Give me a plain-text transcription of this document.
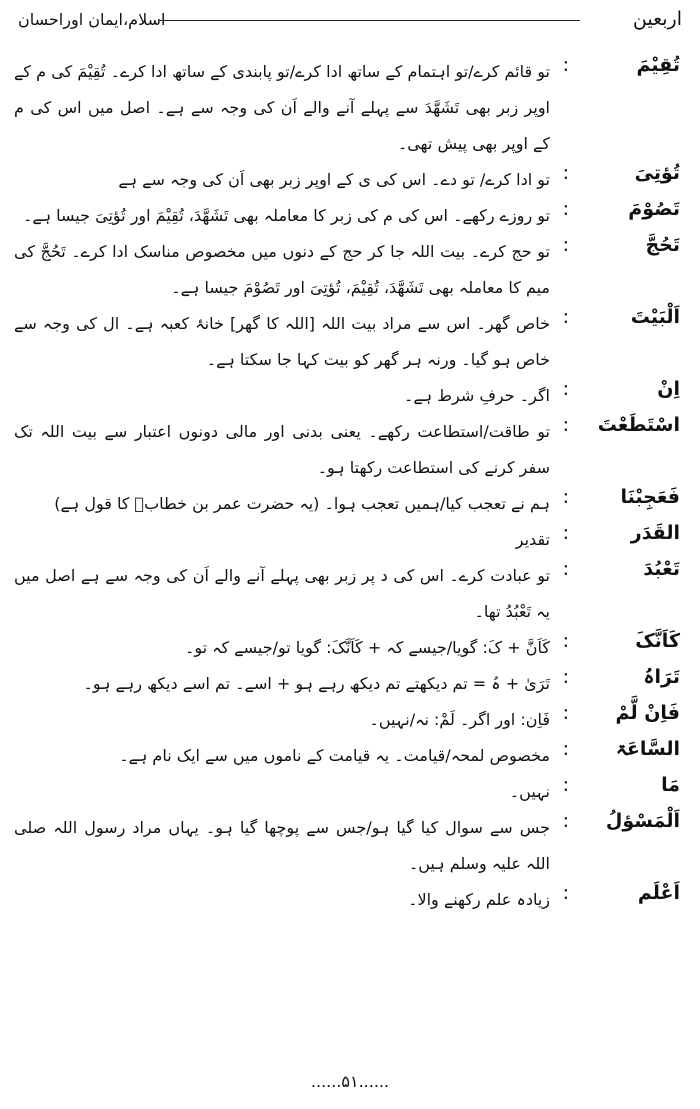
اسلام،ایمان اوراحسان	اربعین
تُقِیْمَ
:
تو قائم کرے/تو اہتمام کے ساتھ ادا کرے/تو پابندی کے ساتھ ادا کرے۔ تُقِیْمَ کی م کے اوپر زبر بھی تَشَھَّدَ سے پہلے آنے والے اَن کی وجہ سے ہے۔ اصل میں اس کی م کے اوپر بھی پیش تھی۔
تُؤتِیَ
:
تو ادا کرے/ تو دے۔ اس کی ی کے اوپر زبر بھی اَن کی وجہ سے ہے
تَصُوْمَ
:
تو روزے رکھے۔ اس کی م کی زبر کا معاملہ بھی تَشَھَّدَ، تُقِیْمَ اور تُؤتِیَ جیسا ہے۔
تَحُجَّ
:
تو حج کرے۔ بیت اللہ جا کر حج کے دنوں میں مخصوص مناسک ادا کرے۔ تَحُجَّ کی میم کا معاملہ بھی تَشَھَّدَ، تُقِیْمَ، تُؤتِیَ اور تَصُوْمَ جیسا ہے۔
اَلْبَیْتَ
:
خاص گھر۔ اس سے مراد بیت اللہ [اللہ کا گھر] خانۂ کعبہ ہے۔ ال کی وجہ سے خاص ہو گیا۔ ورنہ ہر گھر کو بیت کہا جا سکتا ہے۔
اِنْ
:
اگر۔ حرفِ شرط ہے۔
اسْتَطَعْتَ
:
تو طاقت/استطاعت رکھے۔ یعنی بدنی اور مالی دونوں اعتبار سے بیت اللہ تک سفر کرنے کی استطاعت رکھتا ہو۔
فَعَجِبْنَا
:
ہم نے تعجب کیا/ہمیں تعجب ہوا۔ (یہ حضرت عمر بن خطابؓ کا قول ہے)
القَدَر
:
تقدیر
تَعْبُدَ
:
تو عبادت کرے۔ اس کی د پر زبر بھی پہلے آنے والے اَن کی وجہ سے ہے اصل میں یہ تَعْبُدُ تھا۔
کَاَنَّکَ
:
کَاَنَّ + کَ: گویا/جیسے کہ + کَاَنَّکَ: گویا تو/جیسے کہ تو۔
تَرَاہُ
:
تَرَیٰ + ہُ = تم دیکھتے تم دیکھ رہے ہو + اسے۔ تم اسے دیکھ رہے ہو۔
فَاِنْ لَّمْ
:
فَاِن: اور اگر۔ لَمْ: نہ/نہیں۔
السَّاعَۃ
:
مخصوص لمحہ/قیامت۔ یہ قیامت کے ناموں میں سے ایک نام ہے۔
مَا
:
نہیں۔
اَلْمَسْؤلُ
:
جس سے سوال کیا گیا ہو/جس سے پوچھا گیا ہو۔ یہاں مراد رسول اللہ صلی اللہ علیہ وسلم ہیں۔
اَعْلَم
:
زیادہ علم رکھنے والا۔
......۵۱......
